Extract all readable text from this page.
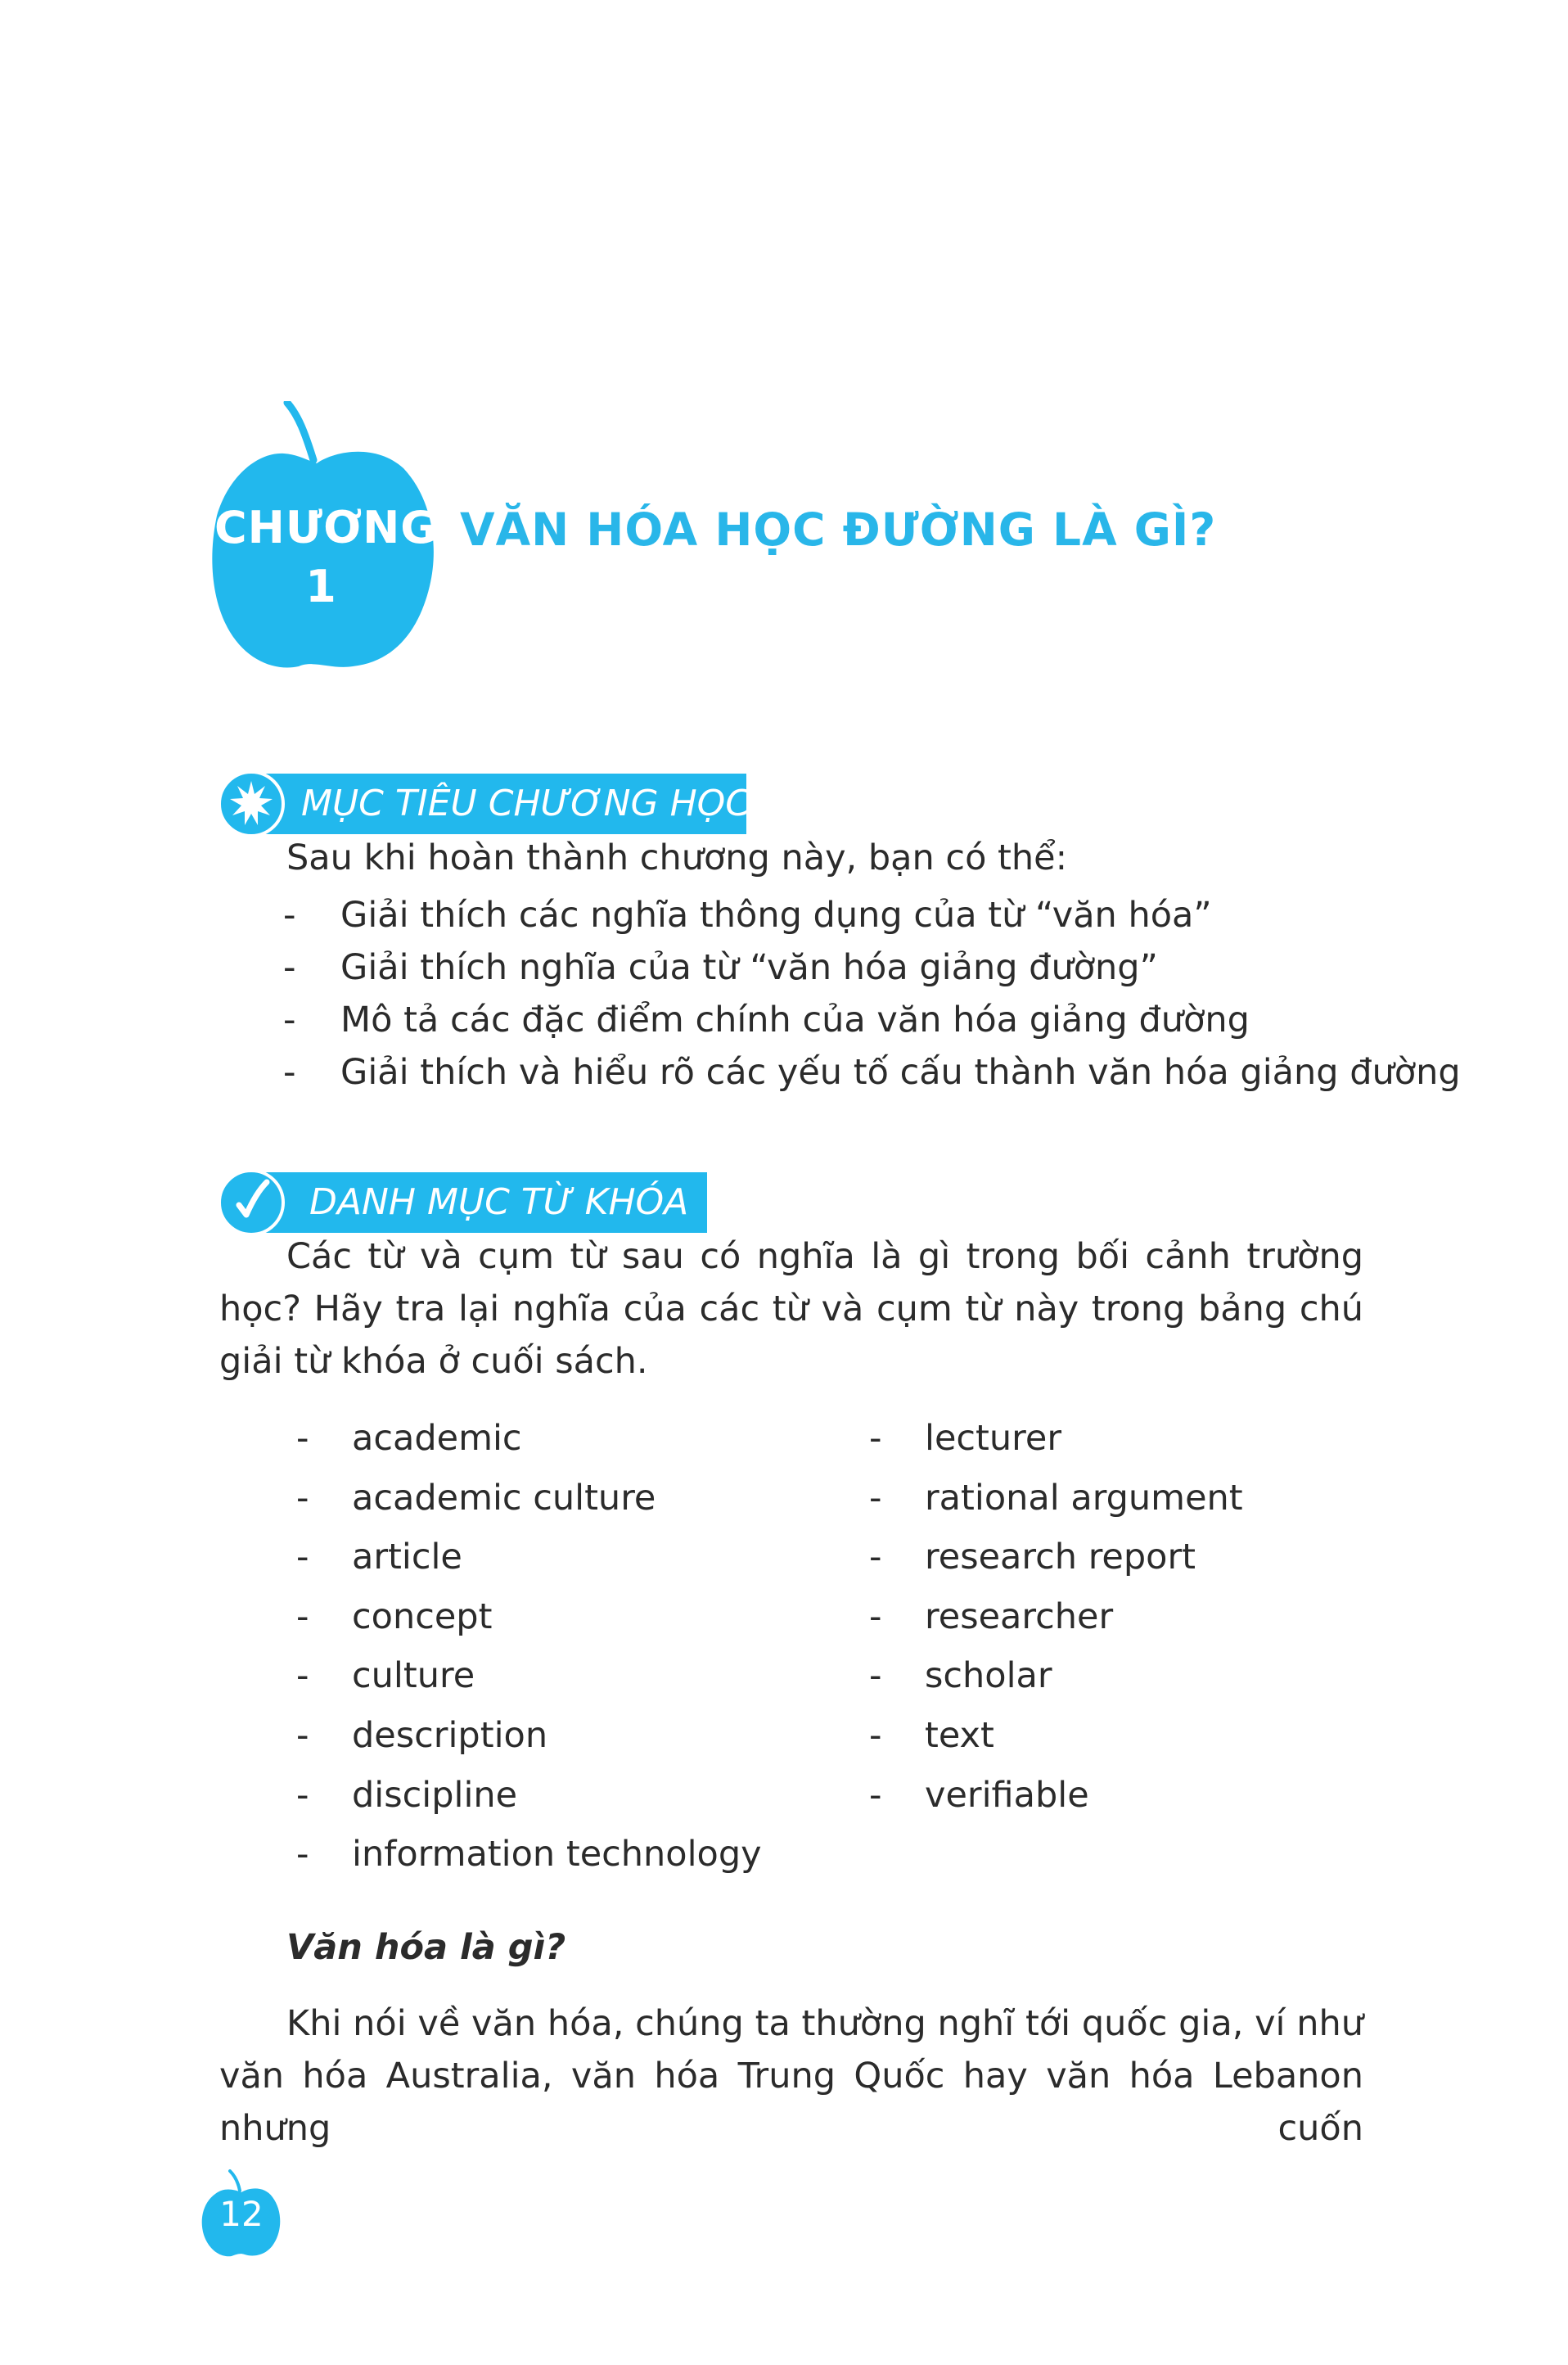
CHƯƠNG
1
VĂN HÓA HỌC ĐƯỜNG LÀ GÌ?
MỤC TIÊU CHƯƠNG HỌC
Sau khi hoàn thành chương này, bạn có thể:
- Giải thích các nghĩa thông dụng của từ “văn hóa”
- Giải thích nghĩa của từ “văn hóa giảng đường”
- Mô tả các đặc điểm chính của văn hóa giảng đường
- Giải thích và hiểu rõ các yếu tố cấu thành văn hóa giảng đường
DANH MỤC TỪ KHÓA

Các từ và cụm từ sau có nghĩa là gì trong bối cảnh trường học? Hãy tra lại nghĩa của các từ và cụm từ này trong bảng chú giải từ khóa ở cuối sách.

- academic
- academic culture
- article
- concept
- culture
- description
- discipline
- information technology
- lecturer
- rational argument
- research report
- researcher
- scholar
- text
- verifiable
Văn hóa là gì?

Khi nói về văn hóa, chúng ta thường nghĩ tới quốc gia, ví như văn hóa Australia, văn hóa Trung Quốc hay văn hóa Lebanon nhưng cuốn

12
